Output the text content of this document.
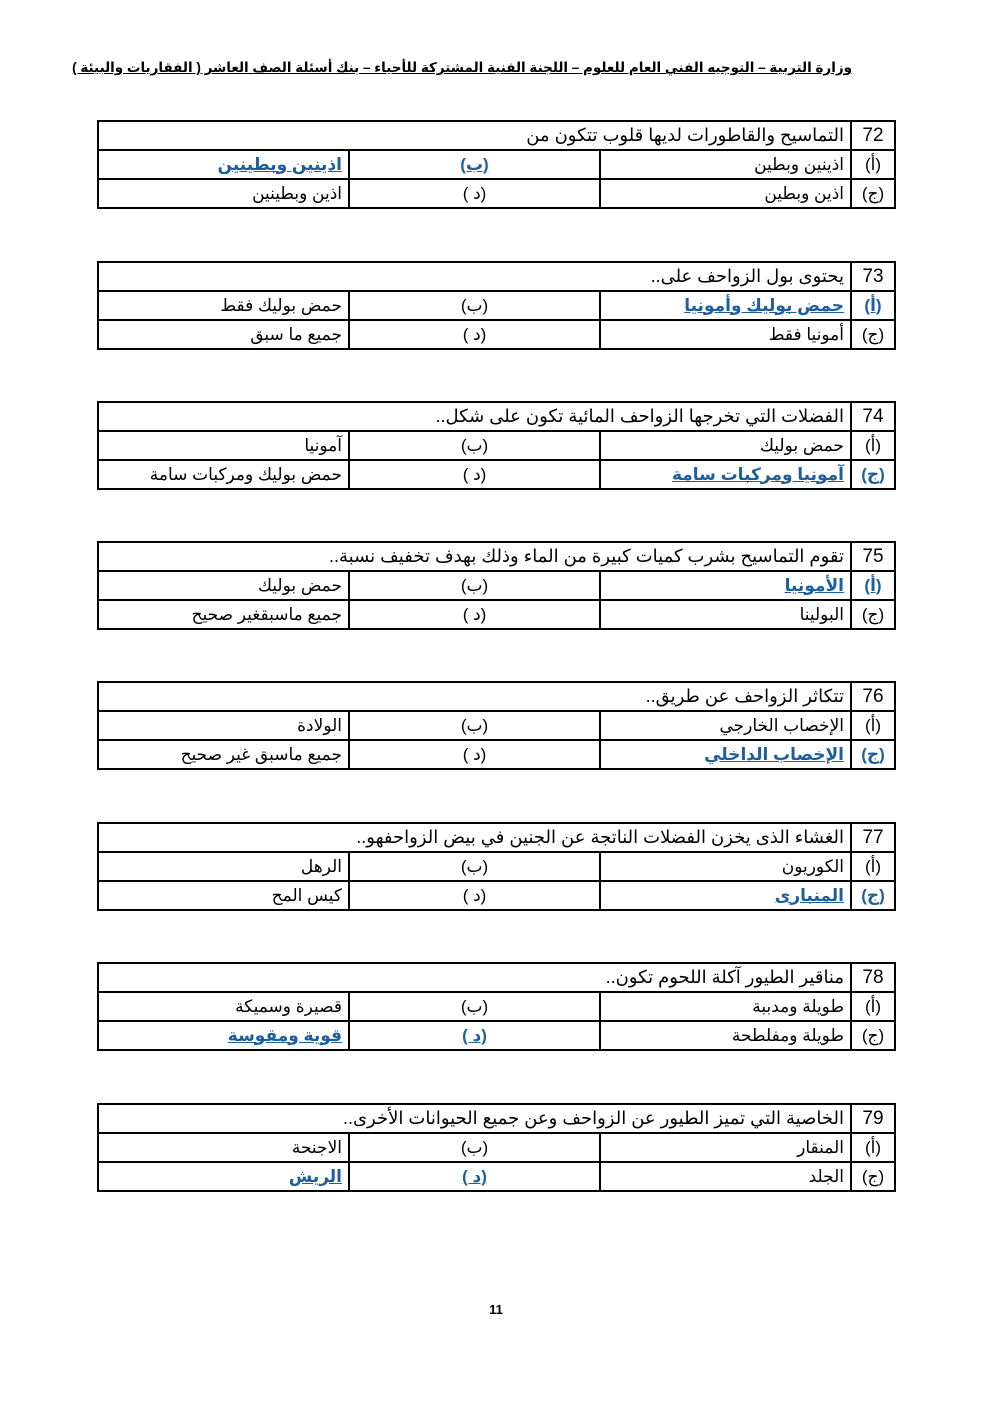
وزارة التربية – التوجيه الفني العام للعلوم – اللجنة الفنية المشتركة للأحياء – بنك أسئلة الصف العاشر ( الفقاريات والبيئة )
72	التماسيح والقاطورات لديها قلوب تتكون من		
(أ)	اذينين وبطين	(ب)	اذينين وبطينين
(ج)	اذين وبطين	(د )	اذين وبطينين
73	يحتوى بول الزواحف على..		
(أ)	حمض بوليك وأمونيا	(ب)	حمض بوليك فقط
(ج)	أمونيا فقط	(د )	جميع ما سبق
74	الفضلات التي تخرجها الزواحف المائية تكون على شكل..		
(أ)	حمض بوليك	(ب)	آمونيا
(ج)	آمونيا ومركبات سامة	(د )	حمض بوليك ومركبات سامة
75	تقوم التماسيح بشرب كميات كبيرة من الماء وذلك بهدف تخفيف نسبة..		
(أ)	الأمونيا	(ب)	حمض بوليك
(ج)	البولينا	(د )	جميع ماسبقغير صحيح
76	تتكاثر الزواحف عن طريق..		
(أ)	الإخصاب الخارجي	(ب)	الولادة
(ج)	الإخصاب الداخلي	(د )	جميع ماسبق غير صحيح
77	الغشاء الذى يخزن الفضلات الناتجة عن الجنين في بيض الزواحفهو..		
(أ)	الكوريون	(ب)	الرهل
(ج)	المنبارى	(د )	كيس المح
78	مناقير الطيور آكلة اللحوم تكون..		
(أ)	طويلة ومدببة	(ب)	قصيرة وسميكة
(ج)	طويلة ومفلطحة	(د )	قوية ومقوسة
79	الخاصية التي تميز الطيور عن الزواحف وعن جميع الحيوانات الأخرى..		
(أ)	المنقار	(ب)	الاجنحة
(ج)	الجلد	(د )	الريش
11
